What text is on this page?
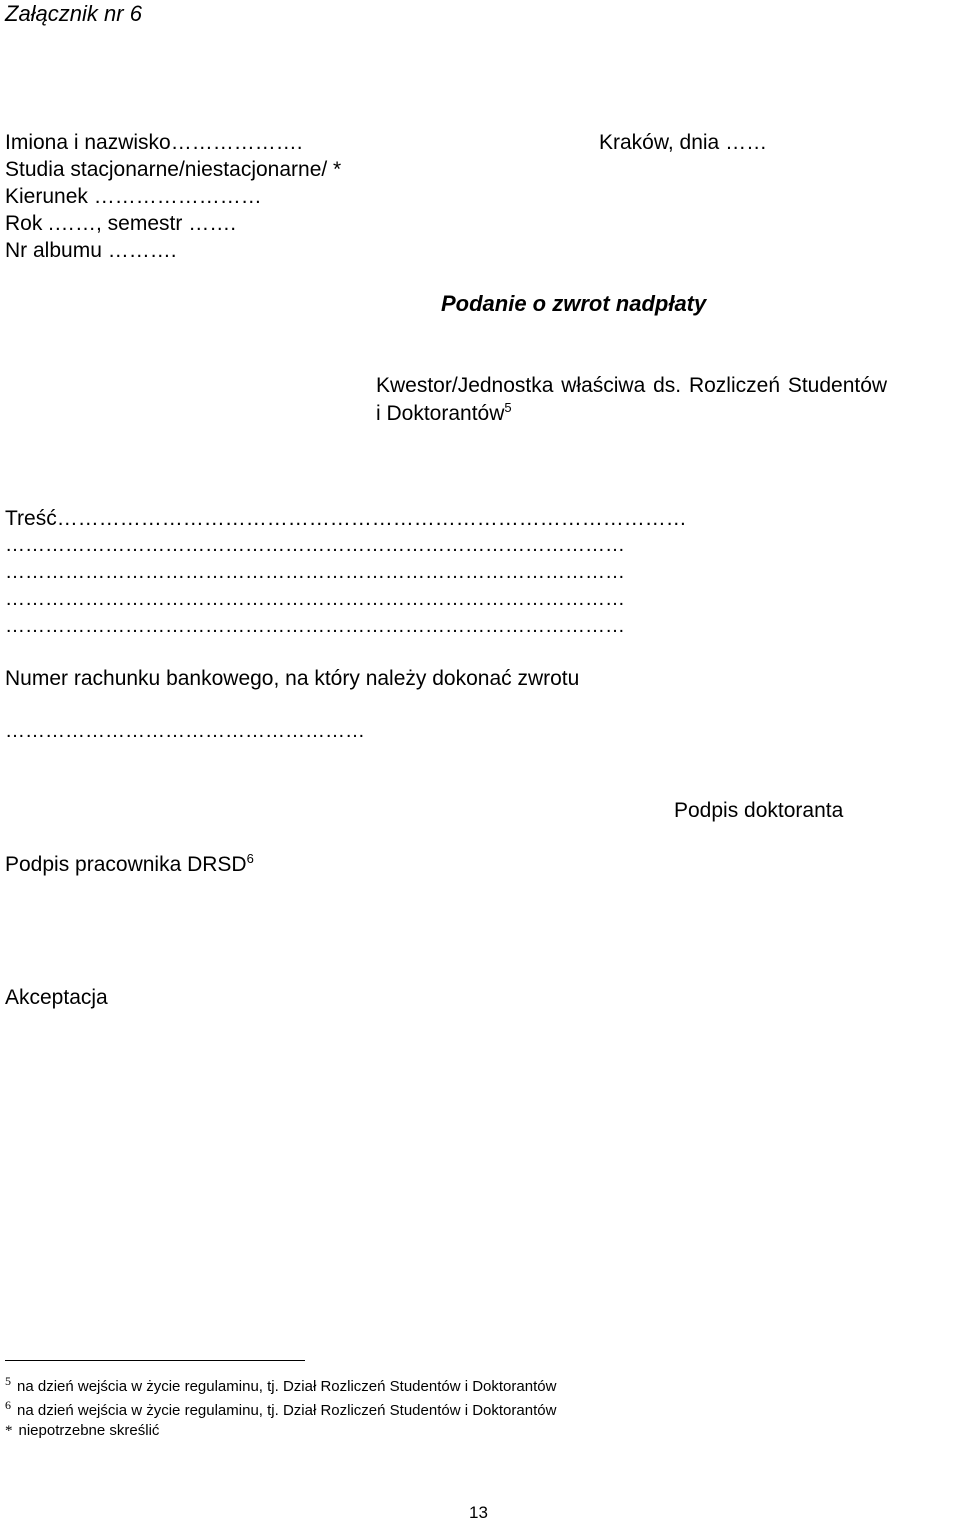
Załącznik nr 6
Imiona i nazwisko……………….
Studia stacjonarne/niestacjonarne/ *
Kierunek ……………………
Rok .……, semestr …….
Nr albumu ……….
Kraków, dnia ……
Podanie o zwrot nadpłaty
Kwestor/Jednostka właściwa ds. Rozliczeń Studentów
i Doktorantów$^5$
Treść………………………………………………………………………………
…………………………………………………………………………………
…………………………………………………………………………………
…………………………………………………………………………………
…………………………………………………………………………………
Numer rachunku bankowego, na który należy dokonać zwrotu
………………………………………………
Podpis doktoranta
Podpis pracownika DRSD$^6$
Akceptacja
$^5$ na dzień wejścia w życie regulaminu, tj. Dział Rozliczeń Studentów i Doktorantów
$^6$ na dzień wejścia w życie regulaminu, tj. Dział Rozliczeń Studentów i Doktorantów
* niepotrzebne skreślić
13
